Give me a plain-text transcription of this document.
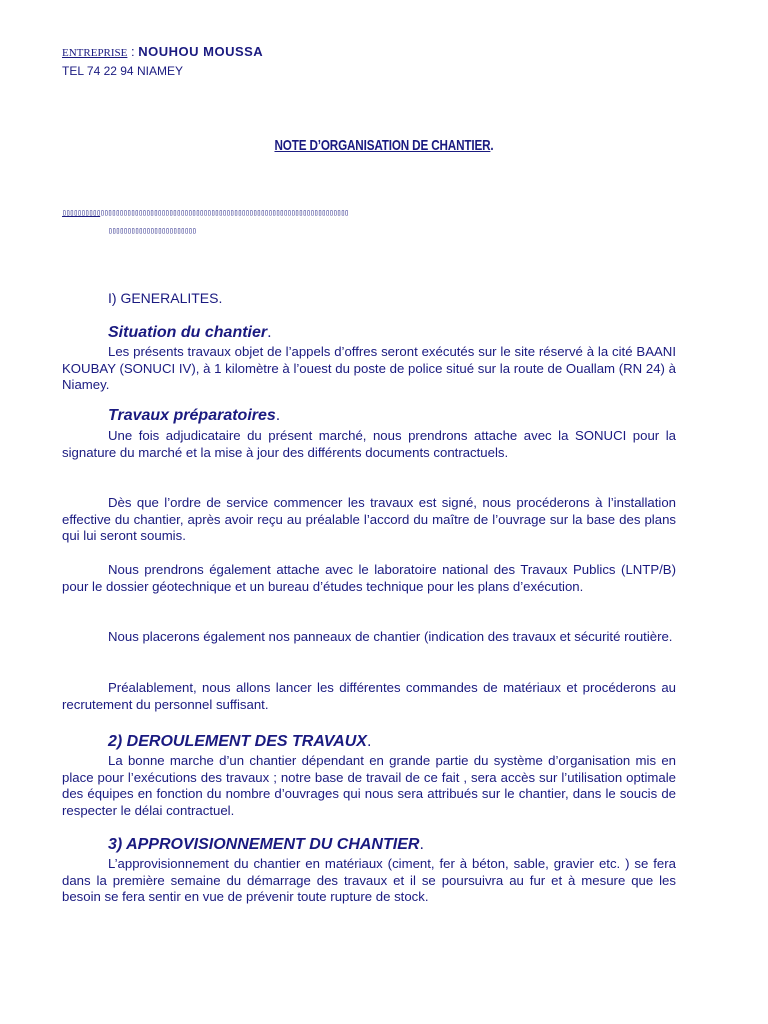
ENTREPRISE : NOUHOU MOUSSA
TEL 74 22 94 NIAMEY
NOTE D’ORGANISATION DE CHANTIER.
▯▯▯▯▯▯▯▯▯▯▯▯▯▯▯▯▯▯▯▯▯▯▯▯▯▯▯▯▯▯▯▯▯▯▯▯▯▯▯▯▯▯▯▯▯▯▯▯▯▯▯▯▯▯▯▯▯▯▯▯▯▯▯▯▯▯▯▯▯▯▯▯▯▯▯
▯▯▯▯▯▯▯▯▯▯▯▯▯▯▯▯▯▯▯▯▯▯▯
I) GENERALITES.
Situation du chantier.
Les présents travaux objet de l’appels d’offres seront exécutés sur le site réservé à la cité BAANI KOUBAY (SONUCI IV), à 1 kilomètre à l’ouest du poste de police situé sur la route de Ouallam (RN 24) à Niamey.
Travaux préparatoires.
Une fois adjudicataire du présent marché, nous prendrons attache avec la SONUCI pour la signature du marché et la mise à jour des différents documents contractuels.
Dès que l’ordre de service commencer les travaux est signé, nous procéderons à l’installation effective du chantier, après avoir reçu au préalable l’accord du maître de l’ouvrage sur la base des plans qui lui seront soumis.
Nous prendrons également attache avec le laboratoire national des Travaux Publics (LNTP/B) pour le dossier géotechnique et un bureau d’études technique pour les plans d’exécution.
Nous placerons également nos panneaux de chantier (indication des travaux et sécurité routière.
Préalablement, nous allons lancer les différentes commandes de matériaux et procéderons au recrutement du personnel suffisant.
2) DEROULEMENT DES TRAVAUX.
La bonne marche d’un chantier dépendant en grande partie du système d’organisation mis en place pour l’exécutions des travaux ; notre base de travail de ce fait , sera accès sur l’utilisation optimale des équipes en fonction du nombre d’ouvrages qui nous sera attribués sur le chantier, dans le soucis de respecter le délai contractuel.
3) APPROVISIONNEMENT DU CHANTIER.
L’approvisionnement du chantier en matériaux (ciment, fer à béton, sable, gravier etc. ) se fera dans la première semaine du démarrage des travaux et il se poursuivra au fur et à mesure que les besoin se fera sentir en vue de prévenir toute rupture de stock.
